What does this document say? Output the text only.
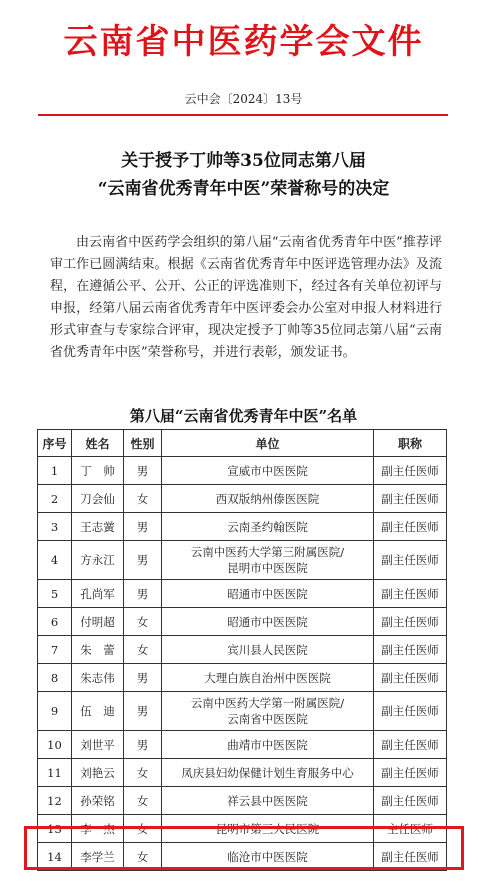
云南省中医药学会文件
云中会〔2024〕13号
关于授予丁帅等35位同志第八届
“云南省优秀青年中医”荣誉称号的决定
由云南省中医药学会组织的第八届“云南省优秀青年中医”推荐评审工作已圆满结束。根据《云南省优秀青年中医评选管理办法》及流程，在遵循公平、公开、公正的评选准则下，经过各有关单位初评与申报，经第八届云南省优秀青年中医评委会办公室对申报人材料进行形式审查与专家综合评审，现决定授予丁帅等35位同志第八届“云南省优秀青年中医”荣誉称号，并进行表彰，颁发证书。
第八届“云南省优秀青年中医”名单
序号	姓名	性别	单位	职称
1	丁　帅	男	宣威市中医医院	副主任医师
2	刀会仙	女	西双版纳州傣医医院	副主任医师
3	王志黉	男	云南圣约翰医院	副主任医师
4	方永江	男	云南中医药大学第三附属医院/
昆明市中医医院	副主任医师
5	孔尚军	男	昭通市中医医院	副主任医师
6	付明超	女	昭通市中医医院	副主任医师
7	朱　蕾	女	宾川县人民医院	副主任医师
8	朱志伟	男	大理白族自治州中医医院	副主任医师
9	伍　迪	男	云南中医药大学第一附属医院/
云南省中医医院	副主任医师
10	刘世平	男	曲靖市中医医院	副主任医师
11	刘艳云	女	凤庆县妇幼保健计划生育服务中心	副主任医师
12	孙荣铭	女	祥云县中医医院	副主任医师
13	李　杰	女	昆明市第三人民医院	主任医师
14	李学兰	女	临沧市中医医院	副主任医师
